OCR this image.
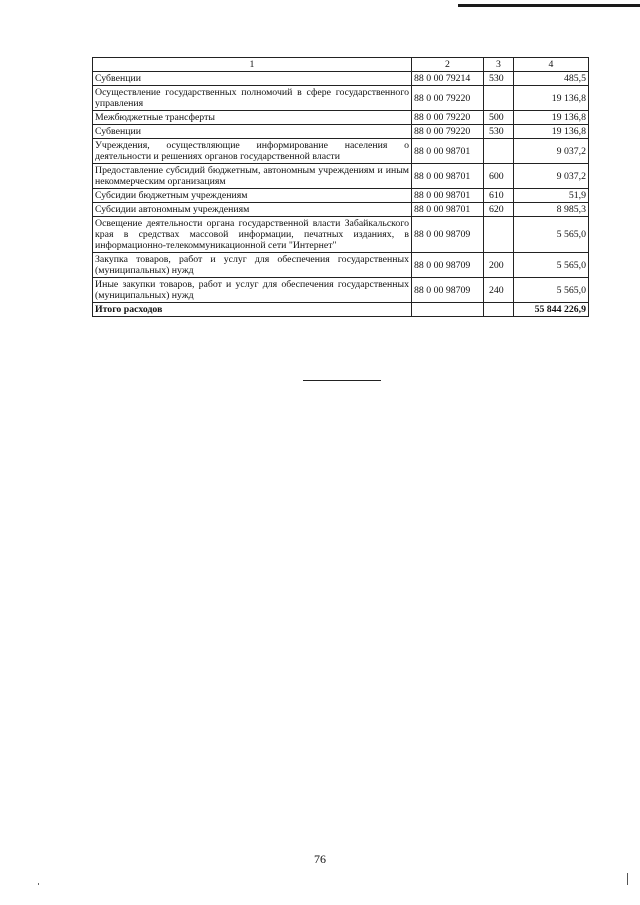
1	2	3	4
Субвенции	88 0 00 79214	530	485,5
Осуществление государственных полномочий в сфере государственного управления	88 0 00 79220		19 136,8
Межбюджетные трансферты	88 0 00 79220	500	19 136,8
Субвенции	88 0 00 79220	530	19 136,8
Учреждения, осуществляющие информирование населения о деятельности и решениях органов государственной власти	88 0 00 98701		9 037,2
Предоставление субсидий бюджетным, автономным учреждениям и иным некоммерческим организациям	88 0 00 98701	600	9 037,2
Субсидии бюджетным учреждениям	88 0 00 98701	610	51,9
Субсидии автономным учреждениям	88 0 00 98701	620	8 985,3
Освещение деятельности органа государственной власти Забайкальского края в средствах массовой информации, печатных изданиях, в информационно-телекоммуникационной сети "Интернет"	88 0 00 98709		5 565,0
Закупка товаров, работ и услуг для обеспечения государственных (муниципальных) нужд	88 0 00 98709	200	5 565,0
Иные закупки товаров, работ и услуг для обеспечения государственных (муниципальных) нужд	88 0 00 98709	240	5 565,0
Итого расходов			55 844 226,9
76
